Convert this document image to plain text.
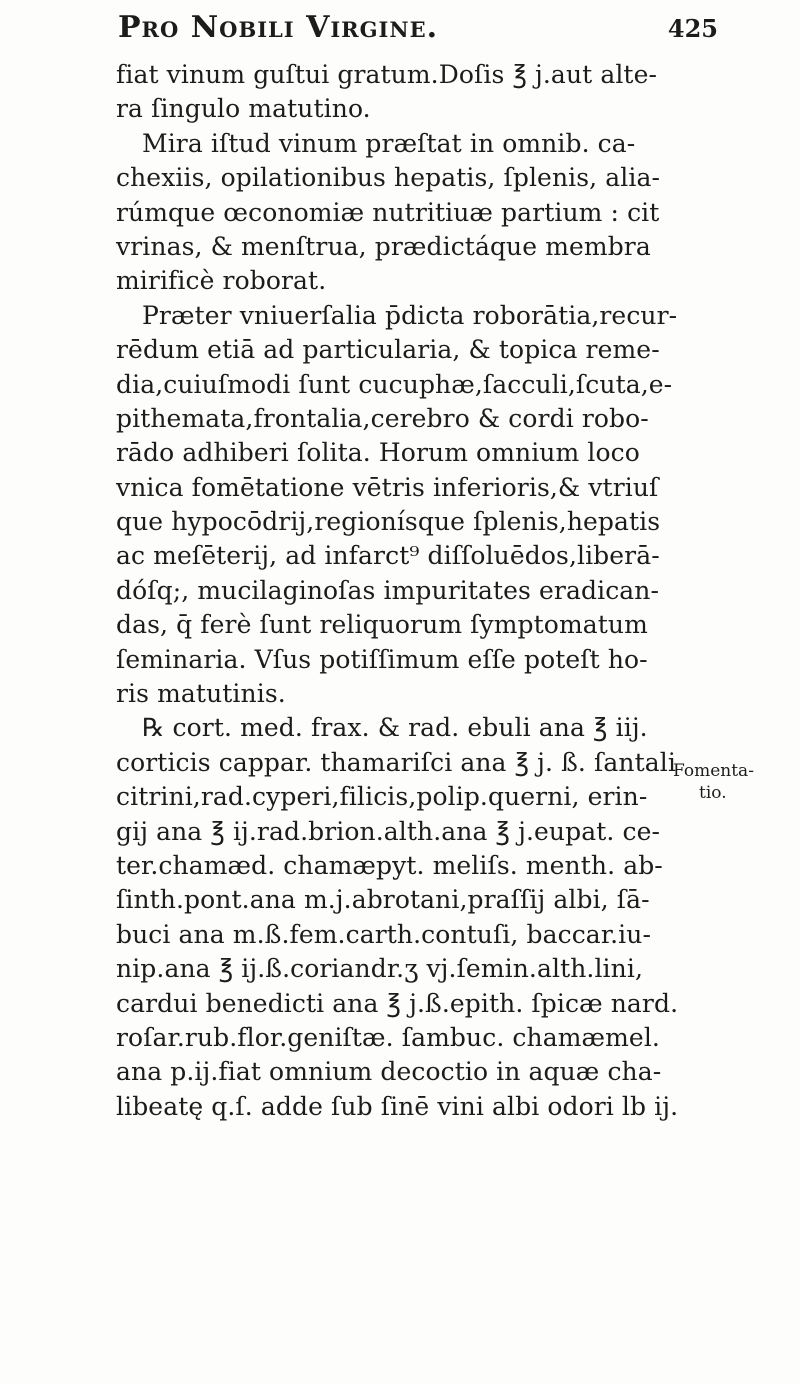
Pro Nobili Virgine.	425
fiat vinum guſtui gratum.Doſis ℥ j.aut alte-
ra ſingulo matutino.
Mira iſtud vinum præſtat in omnib. ca-
chexiis, opilationibus hepatis, ſplenis, alia-
rúmque œconomiæ nutritiuæ partium : cit
vrinas, & menſtrua, prædictáque membra
mirificè roborat.
Præter vniuerſalia p̄dicta roborātia,recur-
rēdum etiā ad particularia, & topica reme-
dia,cuiuſmodi ſunt cucuphæ,ſacculi,ſcuta,e-
pithemata,frontalia,cerebro & cordi robo-
rādo adhiberi ſolita. Horum omnium loco
vnica fomētatione vētris inferioris,& vtriuſ
que hypocōdrij,regionísque ſplenis,hepatis
ac meſēterij, ad infarct⁹ diſſoluēdos,liberā-
dóſq;, mucilaginoſas impuritates eradican-
das, q̄ ferè ſunt reliquorum ſymptomatum
ſeminaria. Vſus potiſſimum eſſe poteſt ho-
ris matutinis.
℞ cort. med. frax. & rad. ebuli ana ℥ iij.
corticis cappar. thamariſci ana ℥ j. ß. ſantali
citrini,rad.cyperi,filicis,polip.querni, erin-
gij ana ℥ ij.rad.brion.alth.ana ℥ j.eupat. ce-
ter.chamæd. chamæpyt. meliſs. menth. ab-
ſinth.pont.ana m.j.abrotani,praſſij albi, ſā-
buci ana m.ß.fem.carth.contuſi, baccar.iu-
nip.ana ℥ ij.ß.coriandr.ʒ vj.ſemin.alth.lini,
cardui benedicti ana ℥ j.ß.epith. ſpicæ nard.
roſar.rub.flor.geniſtæ. ſambuc. chamæmel.
ana p.ij.fiat omnium decoctio in aquæ cha-
libeatę q.ſ. adde ſub ſinē vini albi odori lb ij.
Fomenta-
tio.
